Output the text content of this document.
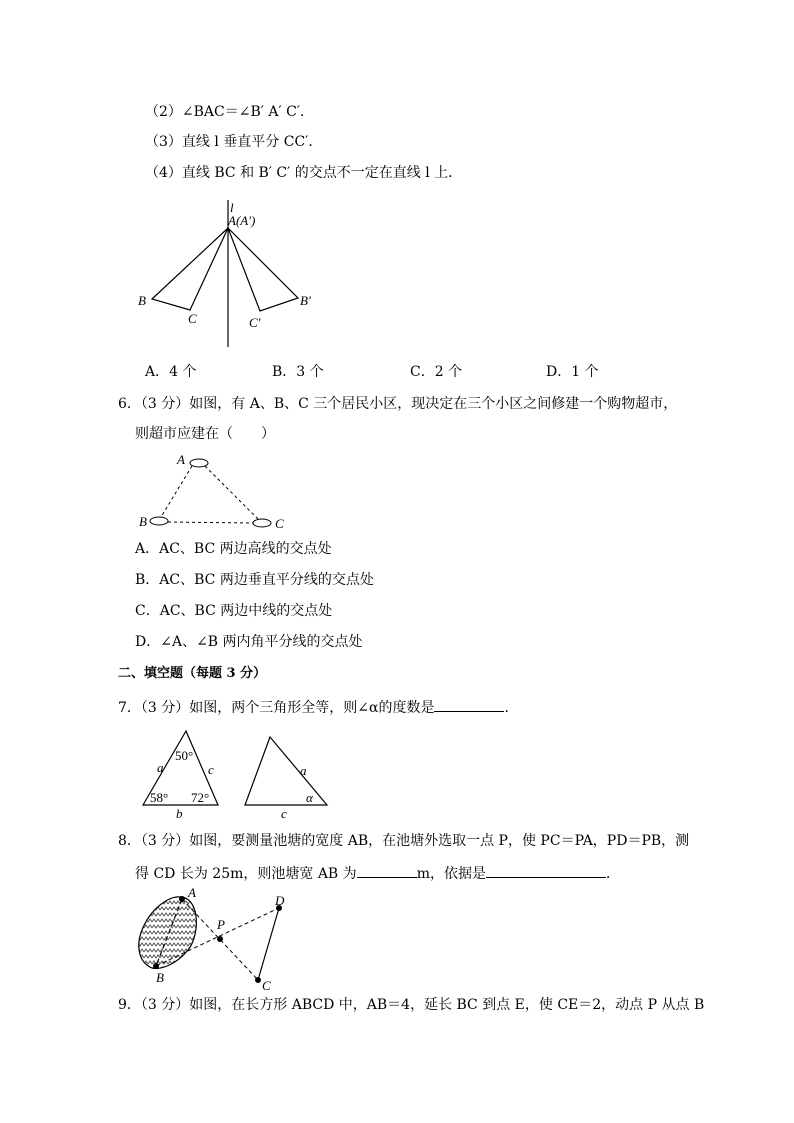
（2）∠BAC＝∠B′ A′ C′．
（3）直线 l 垂直平分 CC′．
（4）直线 BC 和 B′ C′ 的交点不一定在直线 l 上．
l
A(A′)
B
C	C′
B′
A．4 个	B．3 个	C．2 个	D．1 个
6．（3 分）如图，有 A、B、C 三个居民小区，现决定在三个小区之间修建一个购物超市，
则超市应建在（　　）
A
B	C
A．AC、BC 两边高线的交点处
B．AC、BC 两边垂直平分线的交点处
C．AC、BC 两边中线的交点处
D．∠A、∠B 两内角平分线的交点处
二、填空题（每题 3 分）
7．（3 分）如图，两个三角形全等，则∠α的度数是	．
a	c
b
50°
58° 72°
a
c
α
8．（3 分）如图，要测量池塘的宽度 AB，在池塘外选取一点 P，使 PC＝PA，PD＝PB，测
得 CD 长为 25m，则池塘宽 AB 为	m，依据是	．
A
B
P
C
D
9．（3 分）如图，在长方形 ABCD 中，AB＝4，延长 BC 到点 E，使 CE＝2，动点 P 从点 B
